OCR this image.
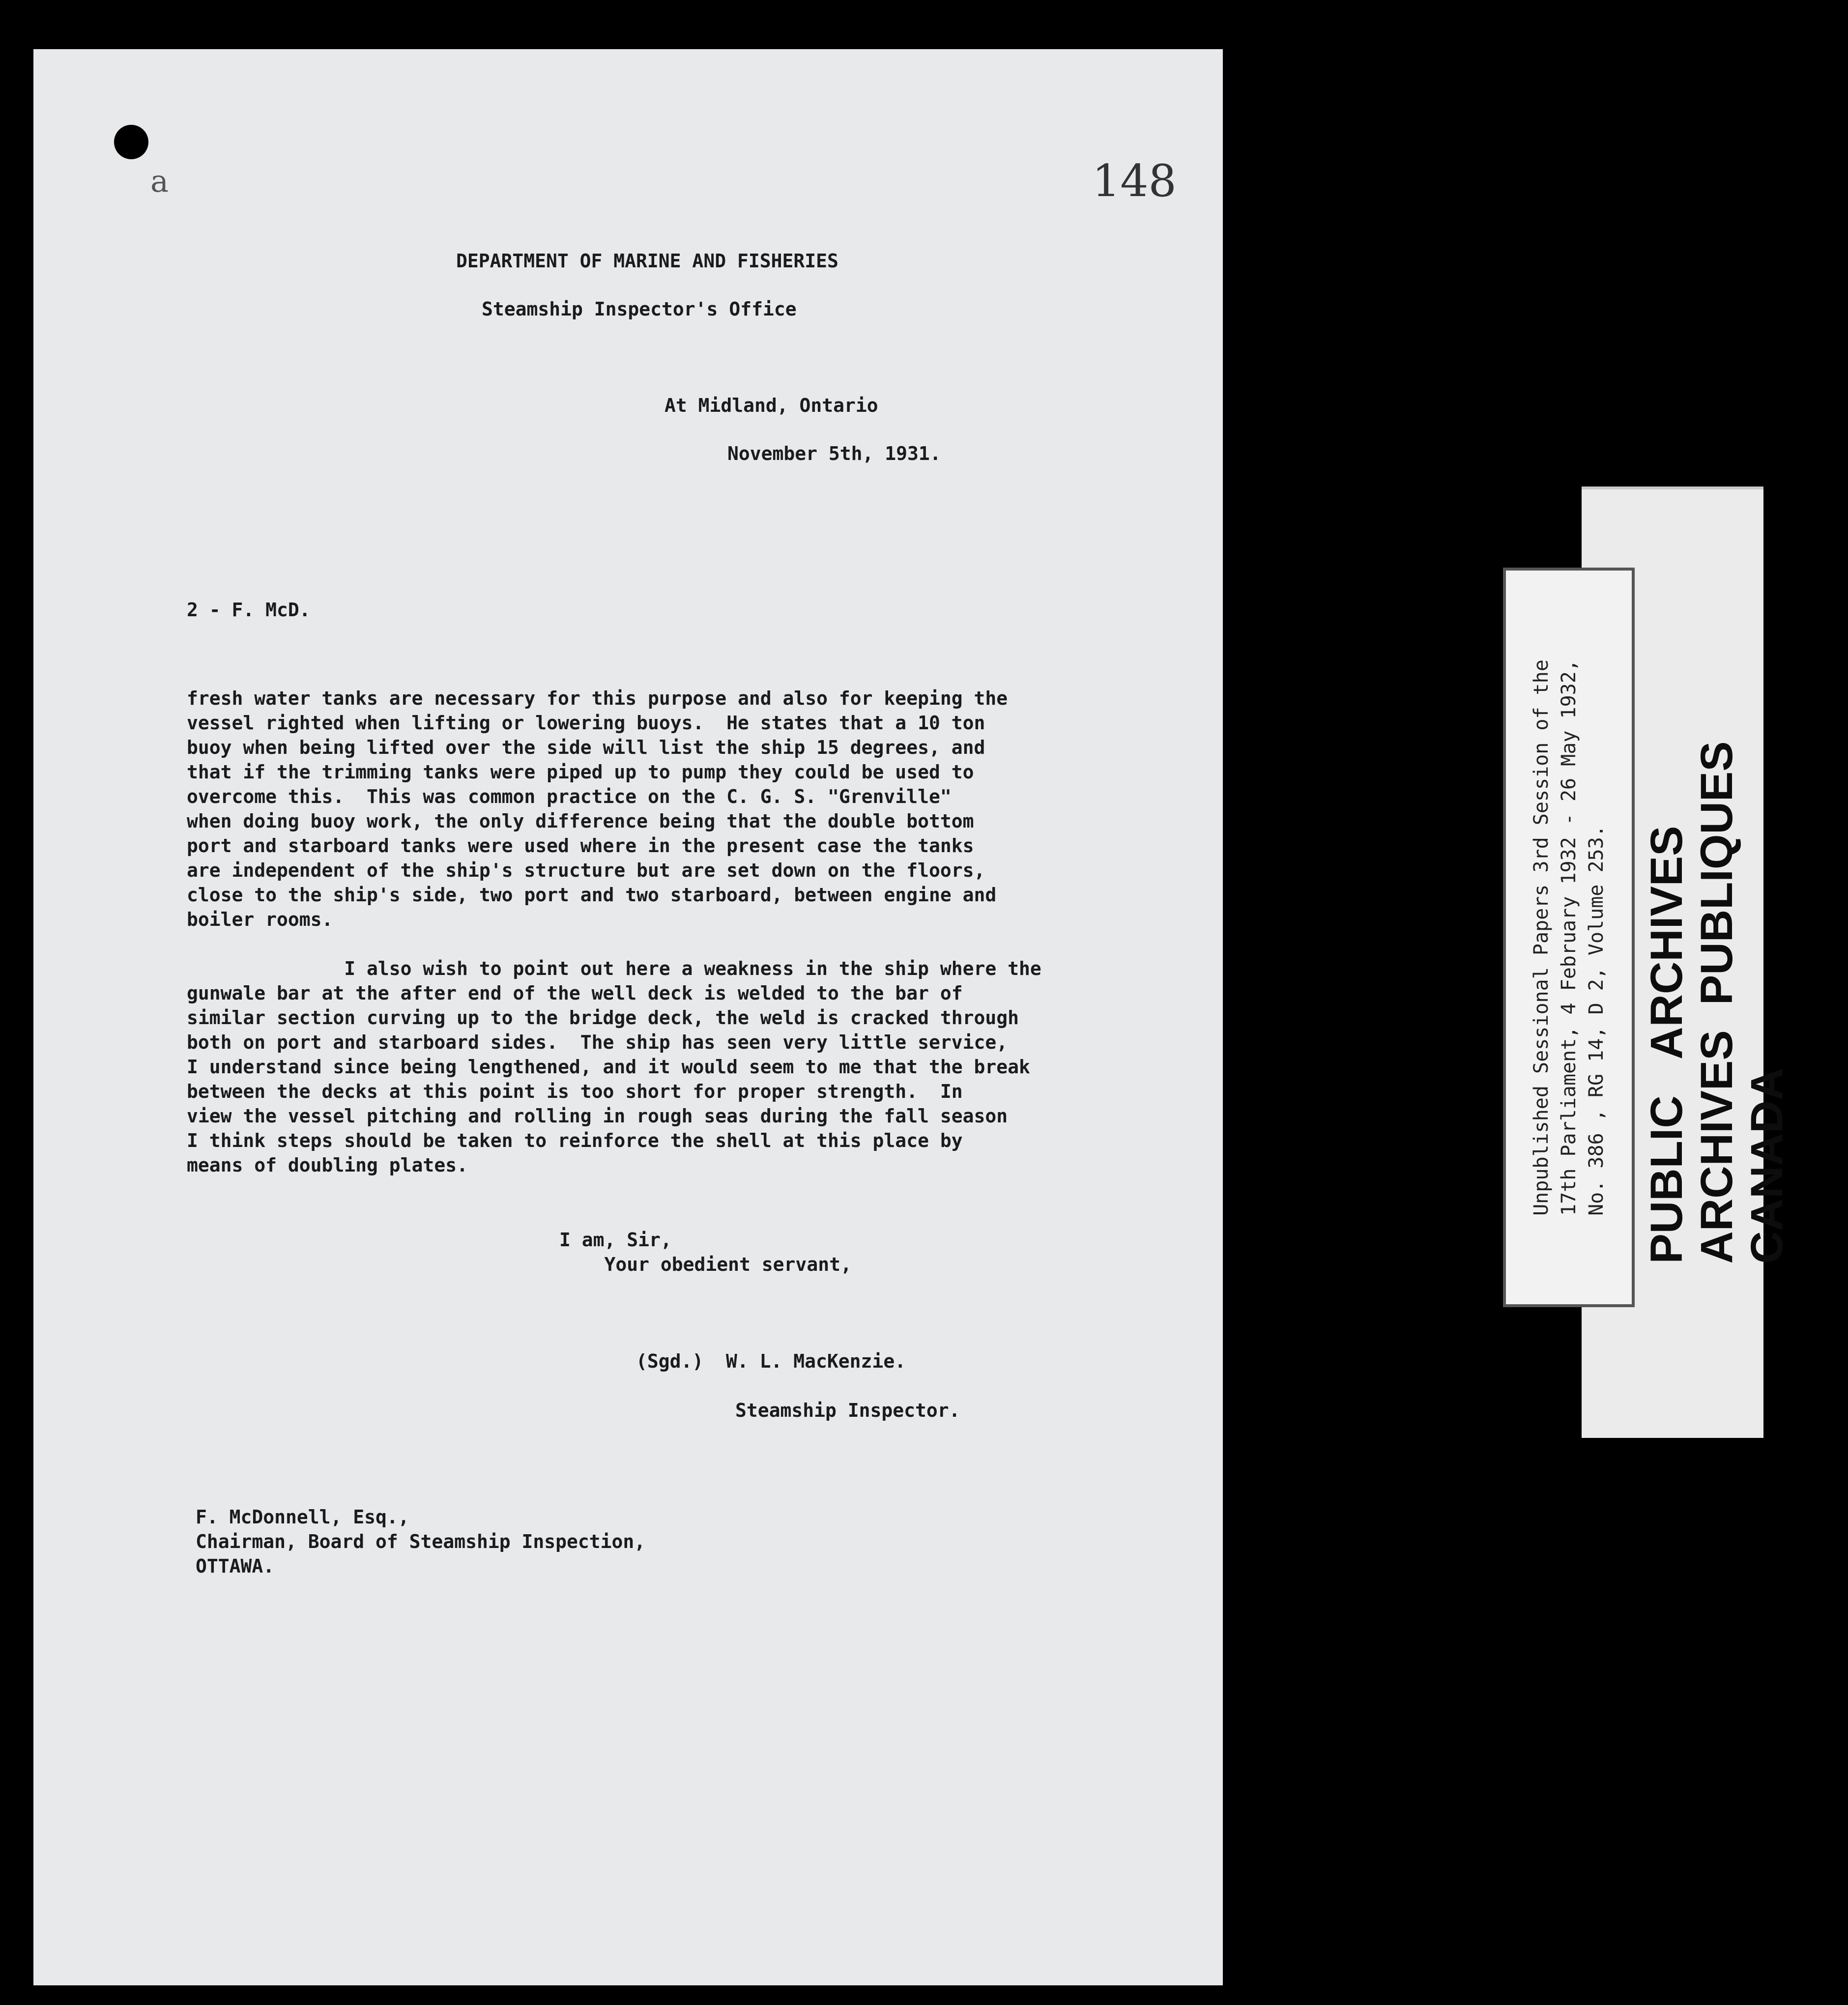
a	148
DEPARTMENT OF MARINE AND FISHERIES
Steamship Inspector's Office
At Midland, Ontario
November 5th, 1931.
2 - F. McD.
fresh water tanks are necessary for this purpose and also for keeping the
vessel righted when lifting or lowering buoys.  He states that a 10 ton
buoy when being lifted over the side will list the ship 15 degrees, and
that if the trimming tanks were piped up to pump they could be used to
overcome this.  This was common practice on the C. G. S. "Grenville"
when doing buoy work, the only difference being that the double bottom
port and starboard tanks were used where in the present case the tanks
are independent of the ship's structure but are set down on the floors,
close to the ship's side, two port and two starboard, between engine and
boiler rooms.
I also wish to point out here a weakness in the ship where the
gunwale bar at the after end of the well deck is welded to the bar of
similar section curving up to the bridge deck, the weld is cracked through
both on port and starboard sides.  The ship has seen very little service,
I understand since being lengthened, and it would seem to me that the break
between the decks at this point is too short for proper strength.  In
view the vessel pitching and rolling in rough seas during the fall season
I think steps should be taken to reinforce the shell at this place by
means of doubling plates.
I am, Sir,
Your obedient servant,
(Sgd.)  W. L. MacKenzie.
Steamship Inspector.
F. McDonnell, Esq.,
Chairman, Board of Steamship Inspection,
OTTAWA.
Unpublished Sessional Papers 3rd Session of the
17th Parliament, 4 February 1932 - 26 May 1932,
No. 386 , RG 14, D 2, Volume 253.
PUBLIC   ARCHIVES
ARCHIVES  PUBLIQUES
CANADA
